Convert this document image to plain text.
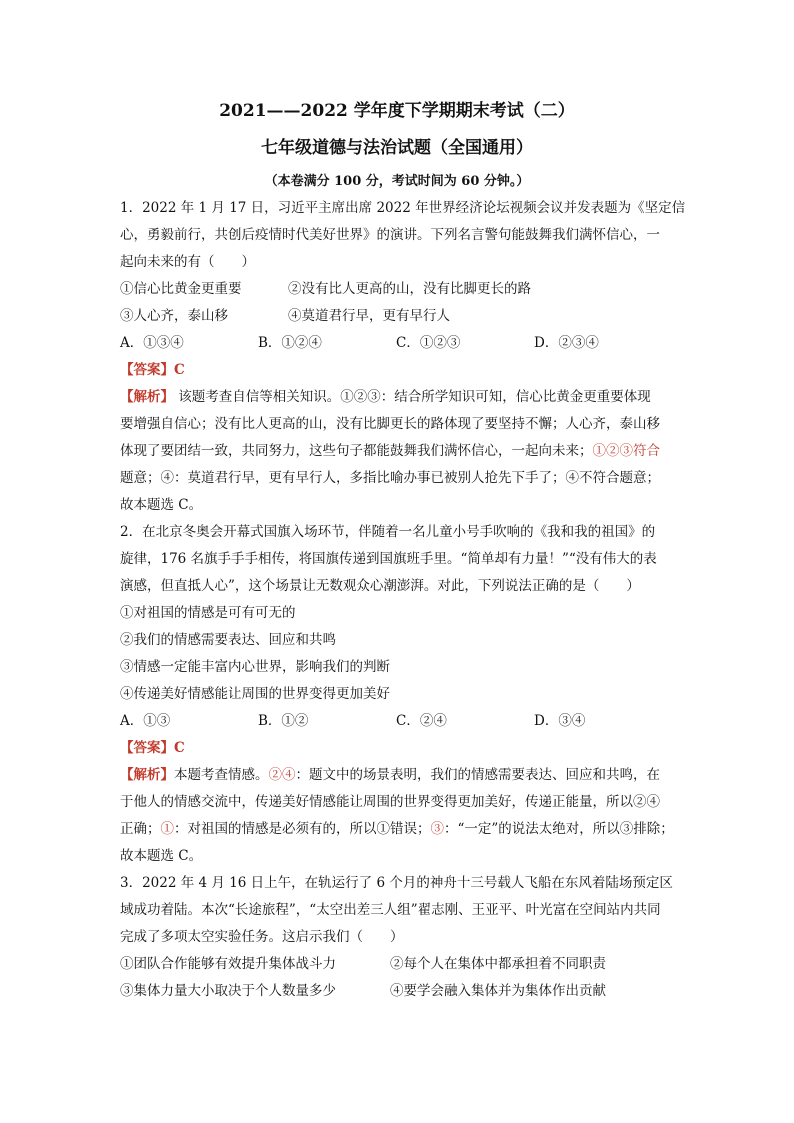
2021——2022 学年度下学期期末考试（二）
七年级道德与法治试题（全国通用）
（本卷满分 100 分，考试时间为 60 分钟。）
1．2022 年 1 月 17 日，习近平主席出席 2022 年世界经济论坛视频会议并发表题为《坚定信
心，勇毅前行，共创后疫情时代美好世界》的演讲。下列名言警句能鼓舞我们满怀信心，一
起向未来的有（　　）
①信心比黄金更重要	②没有比人更高的山，没有比脚更长的路
③人心齐，泰山移	④莫道君行早，更有早行人
A．①③④	B．①②④	C．①②③	D．②③④
【答案】C
【解析】 该题考查自信等相关知识。①②③：结合所学知识可知，信心比黄金更重要体现
要增强自信心；没有比人更高的山，没有比脚更长的路体现了要坚持不懈；人心齐，泰山移
体现了要团结一致，共同努力，这些句子都能鼓舞我们满怀信心，一起向未来；①②③符合
题意；④：莫道君行早，更有早行人，多指比喻办事已被别人抢先下手了；④不符合题意；
故本题选 C。
2．在北京冬奥会开幕式国旗入场环节，伴随着一名儿童小号手吹响的《我和我的祖国》的
旋律，176 名旗手手手相传，将国旗传递到国旗班手里。“简单却有力量！”“没有伟大的表
演感，但直抵人心”，这个场景让无数观众心潮澎湃。对此，下列说法正确的是（　　）
①对祖国的情感是可有可无的
②我们的情感需要表达、回应和共鸣
③情感一定能丰富内心世界，影响我们的判断
④传递美好情感能让周围的世界变得更加美好
A．①③	B．①②	C．②④	D．③④
【答案】C
【解析】本题考查情感。②④：题文中的场景表明，我们的情感需要表达、回应和共鸣，在
于他人的情感交流中，传递美好情感能让周围的世界变得更加美好，传递正能量，所以②④
正确；①：对祖国的情感是必须有的，所以①错误；③：“一定”的说法太绝对，所以③排除；
故本题选 C。
3．2022 年 4 月 16 日上午，在轨运行了 6 个月的神舟十三号载人飞船在东风着陆场预定区
域成功着陆。本次“长途旅程”，“太空出差三人组”翟志刚、王亚平、叶光富在空间站内共同
完成了多项太空实验任务。这启示我们（　　）
①团队合作能够有效提升集体战斗力	②每个人在集体中都承担着不同职责
③集体力量大小取决于个人数量多少	④要学会融入集体并为集体作出贡献
